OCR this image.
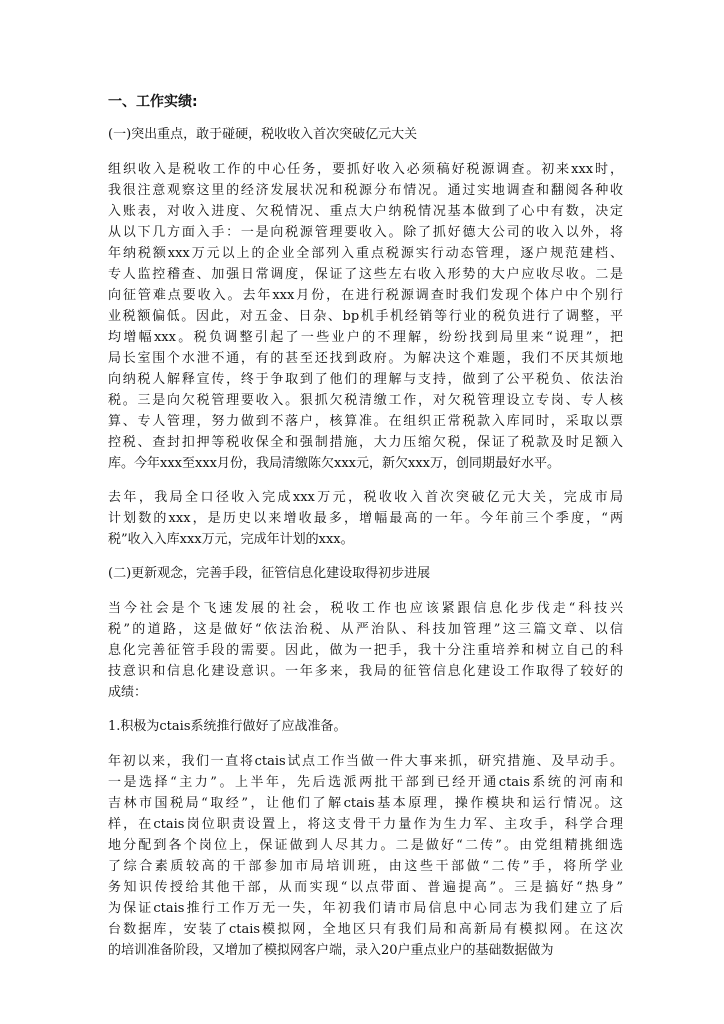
一、工作实绩:
(一)突出重点，敢于碰硬，税收收入首次突破亿元大关
组织收入是税收工作的中心任务，要抓好收入必须稿好税源调查。初来xxx时，
我很注意观察这里的经济发展状况和税源分布情况。通过实地调查和翻阅各种收
入账表，对收入进度、欠税情况、重点大户纳税情况基本做到了心中有数，决定
从以下几方面入手：一是向税源管理要收入。除了抓好德大公司的收入以外，将
年纳税额xxx万元以上的企业全部列入重点税源实行动态管理，逐户规范建档、
专人监控稽查、加强日常调度，保证了这些左右收入形势的大户应收尽收。二是
向征管难点要收入。去年xxx月份，在进行税源调查时我们发现个体户中个别行
业税额偏低。因此，对五金、日杂、bp机手机经销等行业的税负进行了调整，平
均增幅xxx。税负调整引起了一些业户的不理解，纷纷找到局里来“说理”，把
局长室围个水泄不通，有的甚至还找到政府。为解决这个难题，我们不厌其烦地
向纳税人解释宣传，终于争取到了他们的理解与支持，做到了公平税负、依法治
税。三是向欠税管理要收入。狠抓欠税清缴工作，对欠税管理设立专岗、专人核
算、专人管理，努力做到不落户，核算准。在组织正常税款入库同时，采取以票
控税、查封扣押等税收保全和强制措施，大力压缩欠税，保证了税款及时足额入
库。今年xxx至xxx月份，我局清缴陈欠xxx元，新欠xxx万，创同期最好水平。
去年，我局全口径收入完成xxx万元，税收收入首次突破亿元大关，完成市局
计划数的xxx，是历史以来增收最多，增幅最高的一年。今年前三个季度，“两
税”收入入库xxx万元，完成年计划的xxx。
(二)更新观念，完善手段，征管信息化建设取得初步进展
当今社会是个飞速发展的社会，税收工作也应该紧跟信息化步伐走“科技兴
税”的道路，这是做好“依法治税、从严治队、科技加管理”这三篇文章、以信
息化完善征管手段的需要。因此，做为一把手，我十分注重培养和树立自己的科
技意识和信息化建设意识。一年多来，我局的征管信息化建设工作取得了较好的
成绩：
1.积极为ctais系统推行做好了应战准备。
年初以来，我们一直将ctais试点工作当做一件大事来抓，研究措施、及早动手。
一是选择“主力”。上半年，先后选派两批干部到已经开通ctais系统的河南和
吉林市国税局“取经”，让他们了解ctais基本原理，操作模块和运行情况。这
样，在ctais岗位职责设置上，将这支骨干力量作为生力军、主攻手，科学合理
地分配到各个岗位上，保证做到人尽其力。二是做好“二传”。由党组精挑细选
了综合素质较高的干部参加市局培训班，由这些干部做“二传”手，将所学业
务知识传授给其他干部，从而实现“以点带面、普遍提高”。三是搞好“热身”
为保证ctais推行工作万无一失，年初我们请市局信息中心同志为我们建立了后
台数据库，安装了ctais模拟网，全地区只有我们局和高新局有模拟网。在这次
的培训准备阶段，又增加了模拟网客户端，录入20户重点业户的基础数据做为
